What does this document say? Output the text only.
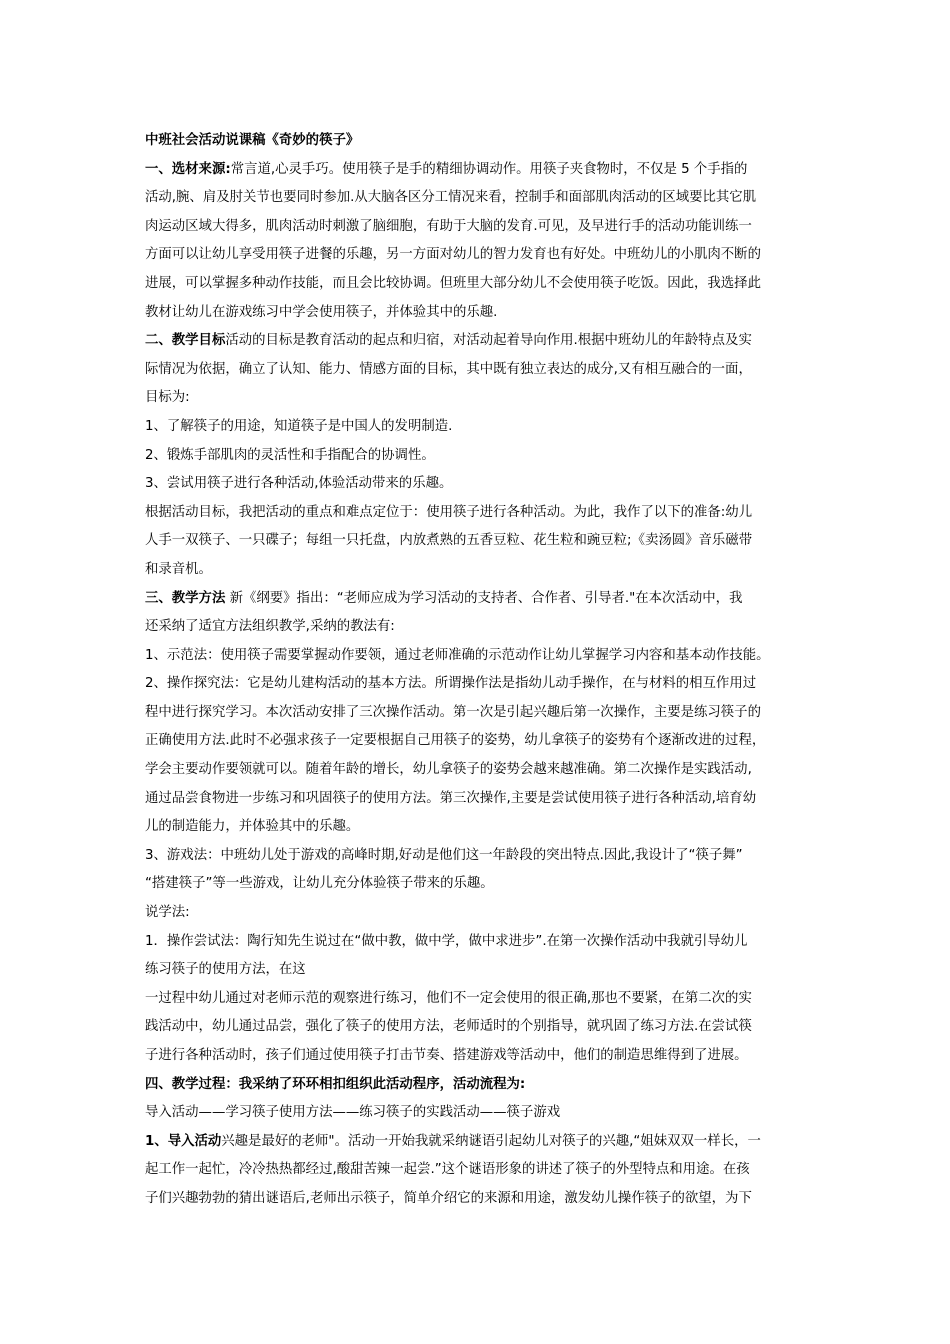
中班社会活动说课稿《奇妙的筷子》
一、选材来源:常言道,心灵手巧。使用筷子是手的精细协调动作。用筷子夹食物时，不仅是 5 个手指的
活动,腕、肩及肘关节也要同时参加.从大脑各区分工情况来看，控制手和面部肌肉活动的区域要比其它肌
肉运动区域大得多，肌肉活动时刺激了脑细胞，有助于大脑的发育.可见，及早进行手的活动功能训练一
方面可以让幼儿享受用筷子进餐的乐趣，另一方面对幼儿的智力发育也有好处。中班幼儿的小肌肉不断的
进展，可以掌握多种动作技能，而且会比较协调。但班里大部分幼儿不会使用筷子吃饭。因此，我选择此
教材让幼儿在游戏练习中学会使用筷子，并体验其中的乐趣.
二、教学目标活动的目标是教育活动的起点和归宿，对活动起着导向作用.根据中班幼儿的年龄特点及实
际情况为依据，确立了认知、能力、情感方面的目标，其中既有独立表达的成分,又有相互融合的一面，
目标为:
1、了解筷子的用途，知道筷子是中国人的发明制造.
2、锻炼手部肌肉的灵活性和手指配合的协调性。
3、尝试用筷子进行各种活动,体验活动带来的乐趣。
根据活动目标，我把活动的重点和难点定位于：使用筷子进行各种活动。为此，我作了以下的准备:幼儿
人手一双筷子、一只碟子；每组一只托盘，内放煮熟的五香豆粒、花生粒和豌豆粒;《卖汤圆》音乐磁带
和录音机。
三、教学方法 新《纲要》指出：“老师应成为学习活动的支持者、合作者、引导者."在本次活动中，我
还采纳了适宜方法组织教学,采纳的教法有:
1、示范法：使用筷子需要掌握动作要领，通过老师准确的示范动作让幼儿掌握学习内容和基本动作技能。
2、操作探究法：它是幼儿建构活动的基本方法。所谓操作法是指幼儿动手操作，在与材料的相互作用过
程中进行探究学习。本次活动安排了三次操作活动。第一次是引起兴趣后第一次操作，主要是练习筷子的
正确使用方法.此时不必强求孩子一定要根据自己用筷子的姿势，幼儿拿筷子的姿势有个逐渐改进的过程，
学会主要动作要领就可以。随着年龄的增长，幼儿拿筷子的姿势会越来越准确。第二次操作是实践活动,
通过品尝食物进一步练习和巩固筷子的使用方法。第三次操作,主要是尝试使用筷子进行各种活动,培育幼
儿的制造能力，并体验其中的乐趣。
3、游戏法：中班幼儿处于游戏的高峰时期,好动是他们这一年龄段的突出特点.因此,我设计了“筷子舞”
“搭建筷子”等一些游戏，让幼儿充分体验筷子带来的乐趣。
说学法:
1．操作尝试法：陶行知先生说过在“做中教，做中学，做中求进步”.在第一次操作活动中我就引导幼儿
练习筷子的使用方法，在这
一过程中幼儿通过对老师示范的观察进行练习，他们不一定会使用的很正确,那也不要紧，在第二次的实
践活动中，幼儿通过品尝，强化了筷子的使用方法，老师适时的个别指导，就巩固了练习方法.在尝试筷
子进行各种活动时，孩子们通过使用筷子打击节奏、搭建游戏等活动中，他们的制造思维得到了进展。
四、教学过程：我采纳了环环相扣组织此活动程序，活动流程为:
导入活动——学习筷子使用方法——练习筷子的实践活动——筷子游戏
1、导入活动兴趣是最好的老师"。活动一开始我就采纳谜语引起幼儿对筷子的兴趣,“姐妹双双一样长，一
起工作一起忙，冷冷热热都经过,酸甜苦辣一起尝.”这个谜语形象的讲述了筷子的外型特点和用途。在孩
子们兴趣勃勃的猜出谜语后,老师出示筷子，简单介绍它的来源和用途，激发幼儿操作筷子的欲望，为下
